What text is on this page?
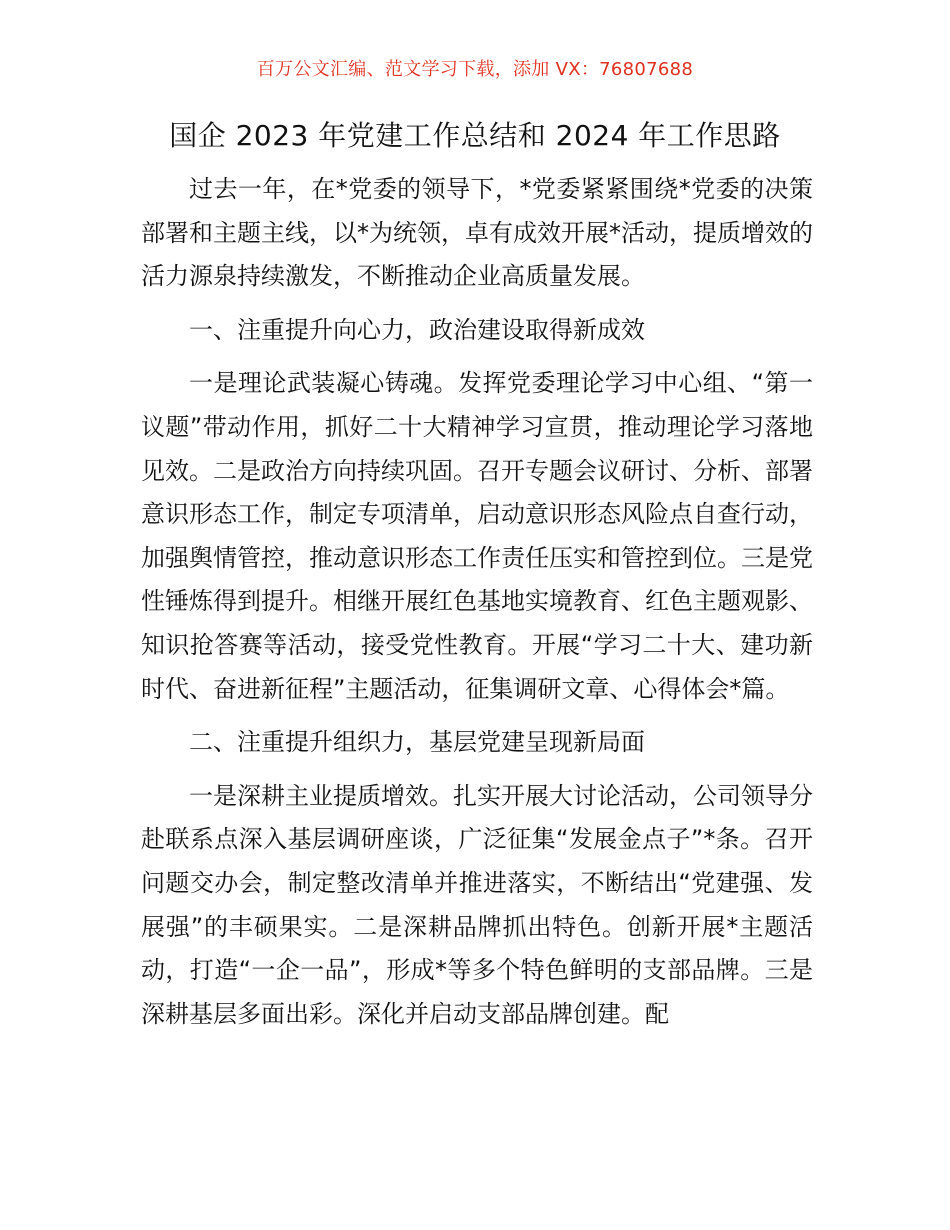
百万公文汇编、范文学习下载，添加 VX：76807688
国企 2023 年党建工作总结和 2024 年工作思路

过去一年，在*党委的领导下，*党委紧紧围绕*党委的决策部署和主题主线，以*为统领，卓有成效开展*活动，提质增效的活力源泉持续激发，不断推动企业高质量发展。

一、注重提升向心力，政治建设取得新成效

一是理论武装凝心铸魂。发挥党委理论学习中心组、“第一议题”带动作用，抓好二十大精神学习宣贯，推动理论学习落地见效。二是政治方向持续巩固。召开专题会议研讨、分析、部署意识形态工作，制定专项清单，启动意识形态风险点自查行动，加强舆情管控，推动意识形态工作责任压实和管控到位。三是党性锤炼得到提升。相继开展红色基地实境教育、红色主题观影、知识抢答赛等活动，接受党性教育。开展“学习二十大、建功新时代、奋进新征程”主题活动，征集调研文章、心得体会*篇。

二、注重提升组织力，基层党建呈现新局面

一是深耕主业提质增效。扎实开展大讨论活动，公司领导分赴联系点深入基层调研座谈，广泛征集“发展金点子”*条。召开问题交办会，制定整改清单并推进落实，不断结出“党建强、发展强”的丰硕果实。二是深耕品牌抓出特色。创新开展*主题活动，打造“一企一品”，形成*等多个特色鲜明的支部品牌。三是深耕基层多面出彩。深化并启动支部品牌创建。配
